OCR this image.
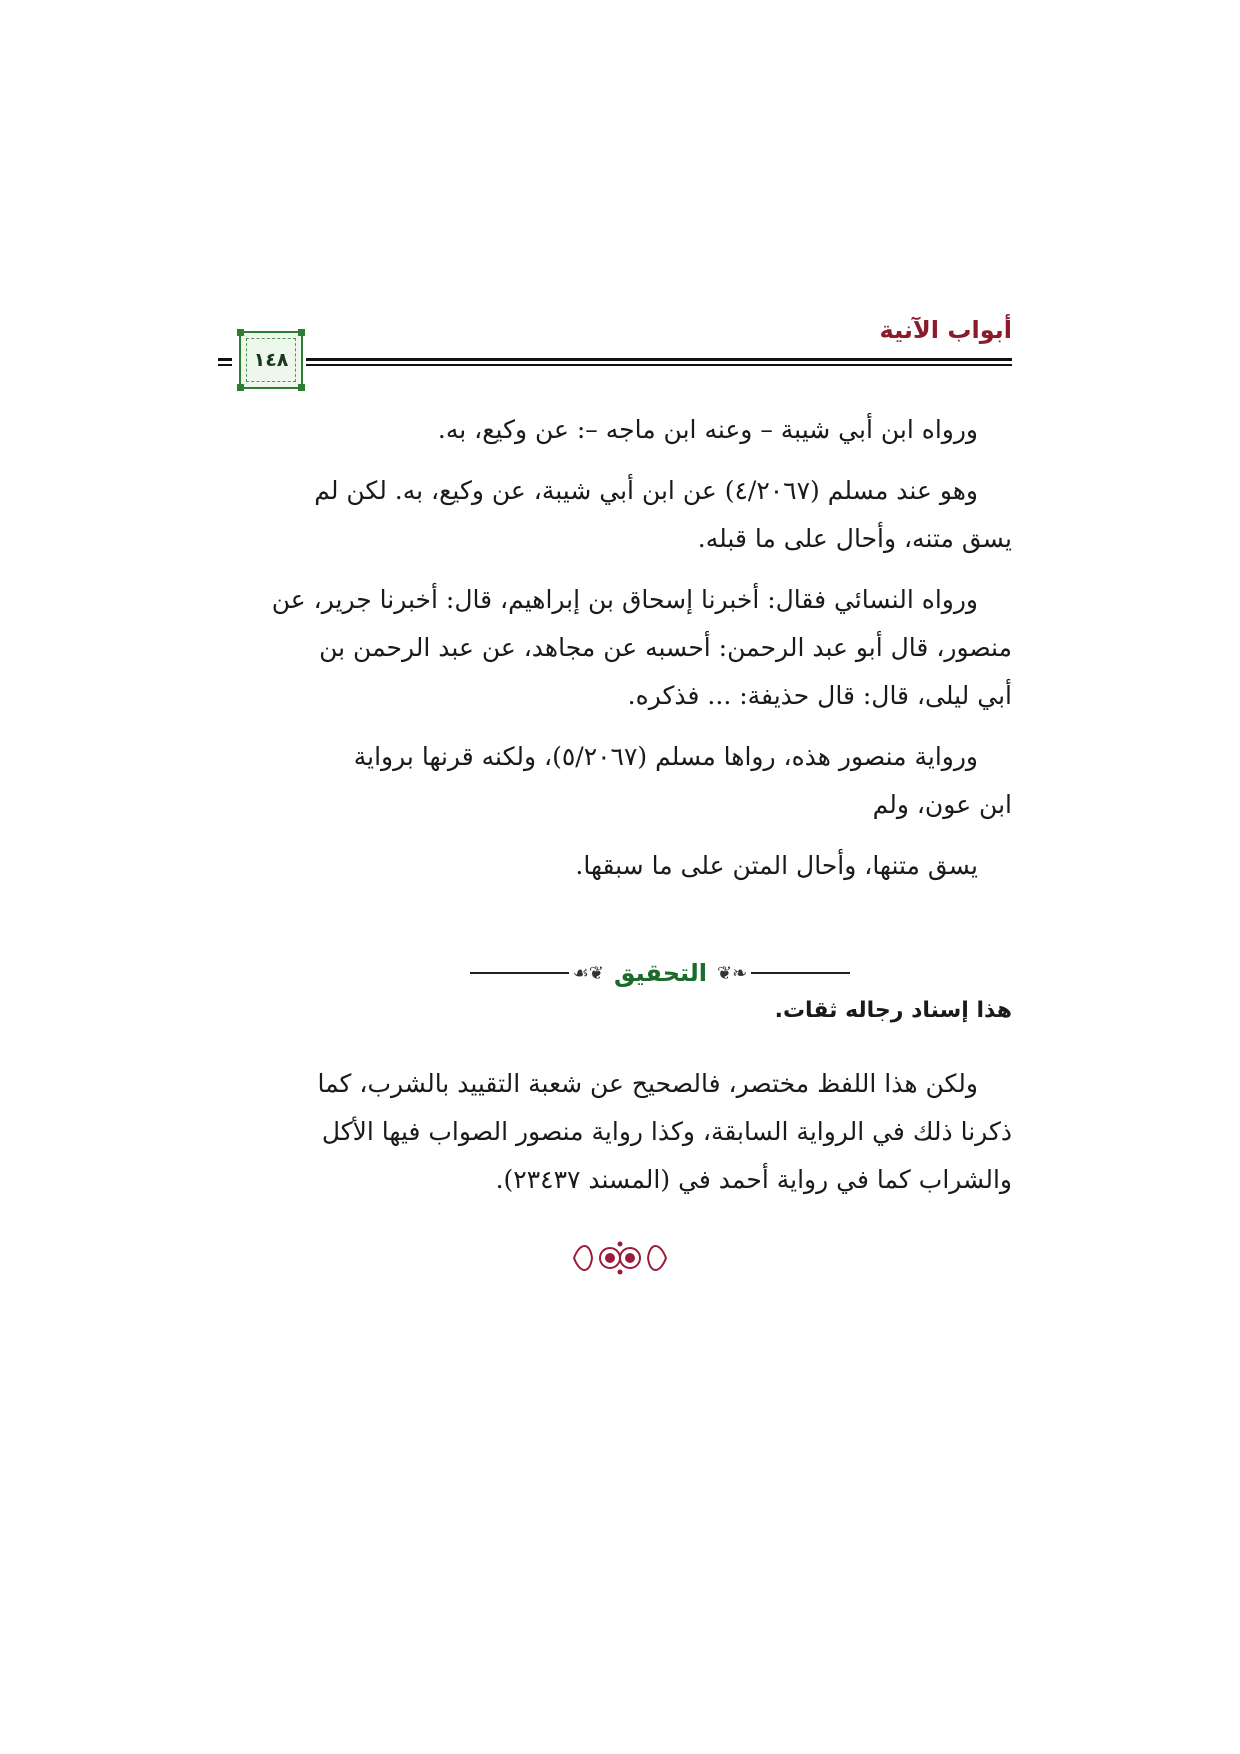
أبواب الآنية
١٤٨

ورواه ابن أبي شيبة – وعنه ابن ماجه –: عن وكيع، به.

وهو عند مسلم (٤/٢٠٦٧) عن ابن أبي شيبة، عن وكيع، به. لكن لم
يسق متنه، وأحال على ما قبله.

ورواه النسائي فقال: أخبرنا إسحاق بن إبراهيم، قال: أخبرنا جرير، عن
منصور، قال أبو عبد الرحمن: أحسبه عن مجاهد، عن عبد الرحمن بن
أبي ليلى، قال: قال حذيفة: ... فذكره.

ورواية منصور هذه، رواها مسلم (٥/٢٠٦٧)، ولكنه قرنها برواية
ابن عون، ولم

يسق متنها، وأحال المتن على ما سبقها.

❧❦
التحقيق
❦☙
هذا إسناد رجاله ثقات.

ولكن هذا اللفظ مختصر، فالصحيح عن شعبة التقييد بالشرب، كما
ذكرنا ذلك في الرواية السابقة، وكذا رواية منصور الصواب فيها الأكل
والشراب كما في رواية أحمد في (المسند ٢٣٤٣٧).
